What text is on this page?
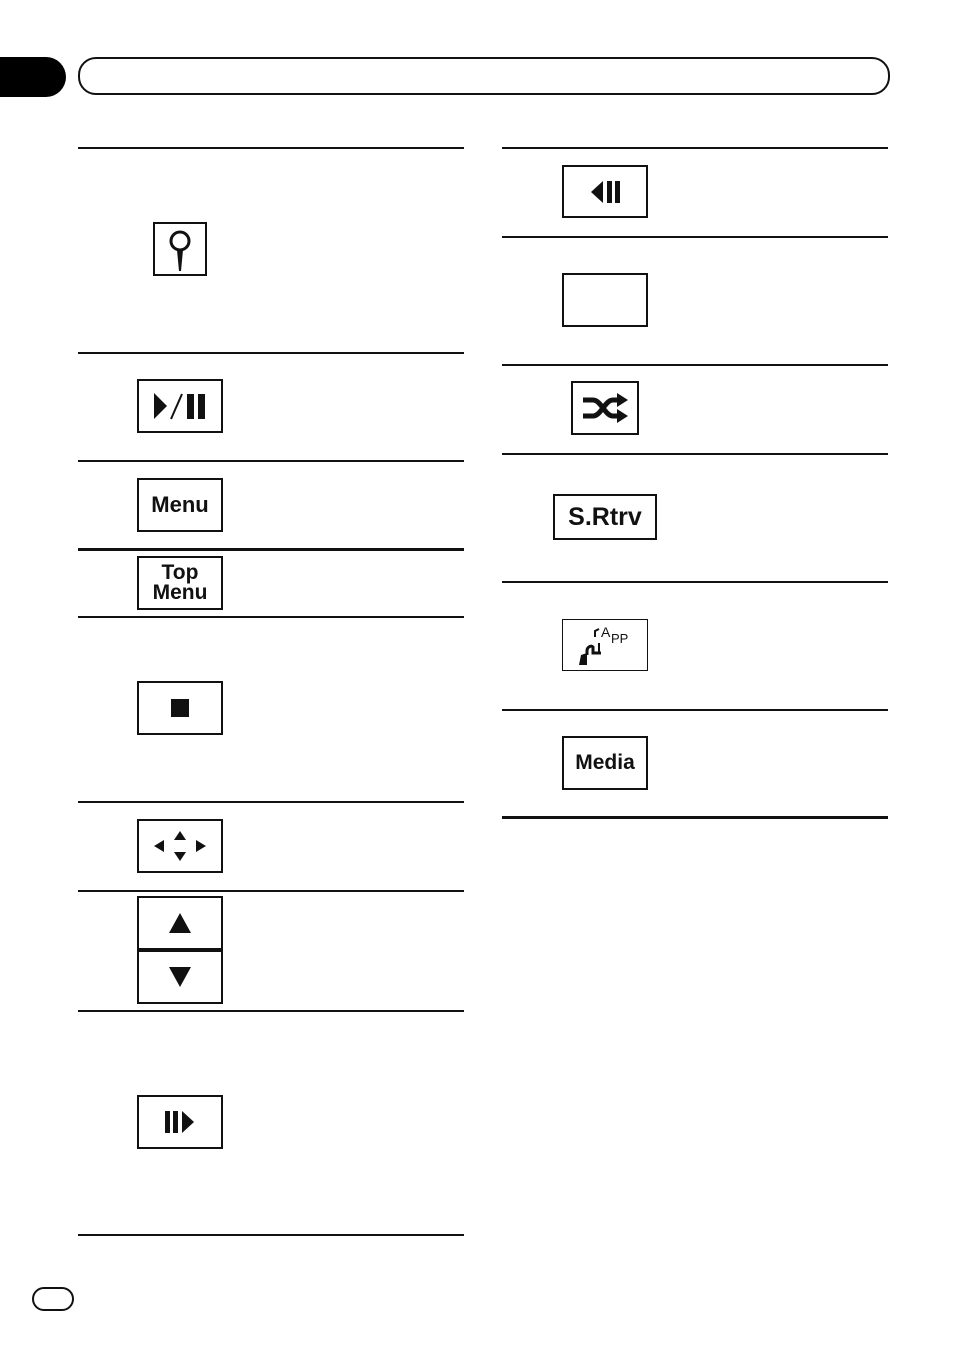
Menu
Top
Menu
S.Rtrv
A PP
Media
